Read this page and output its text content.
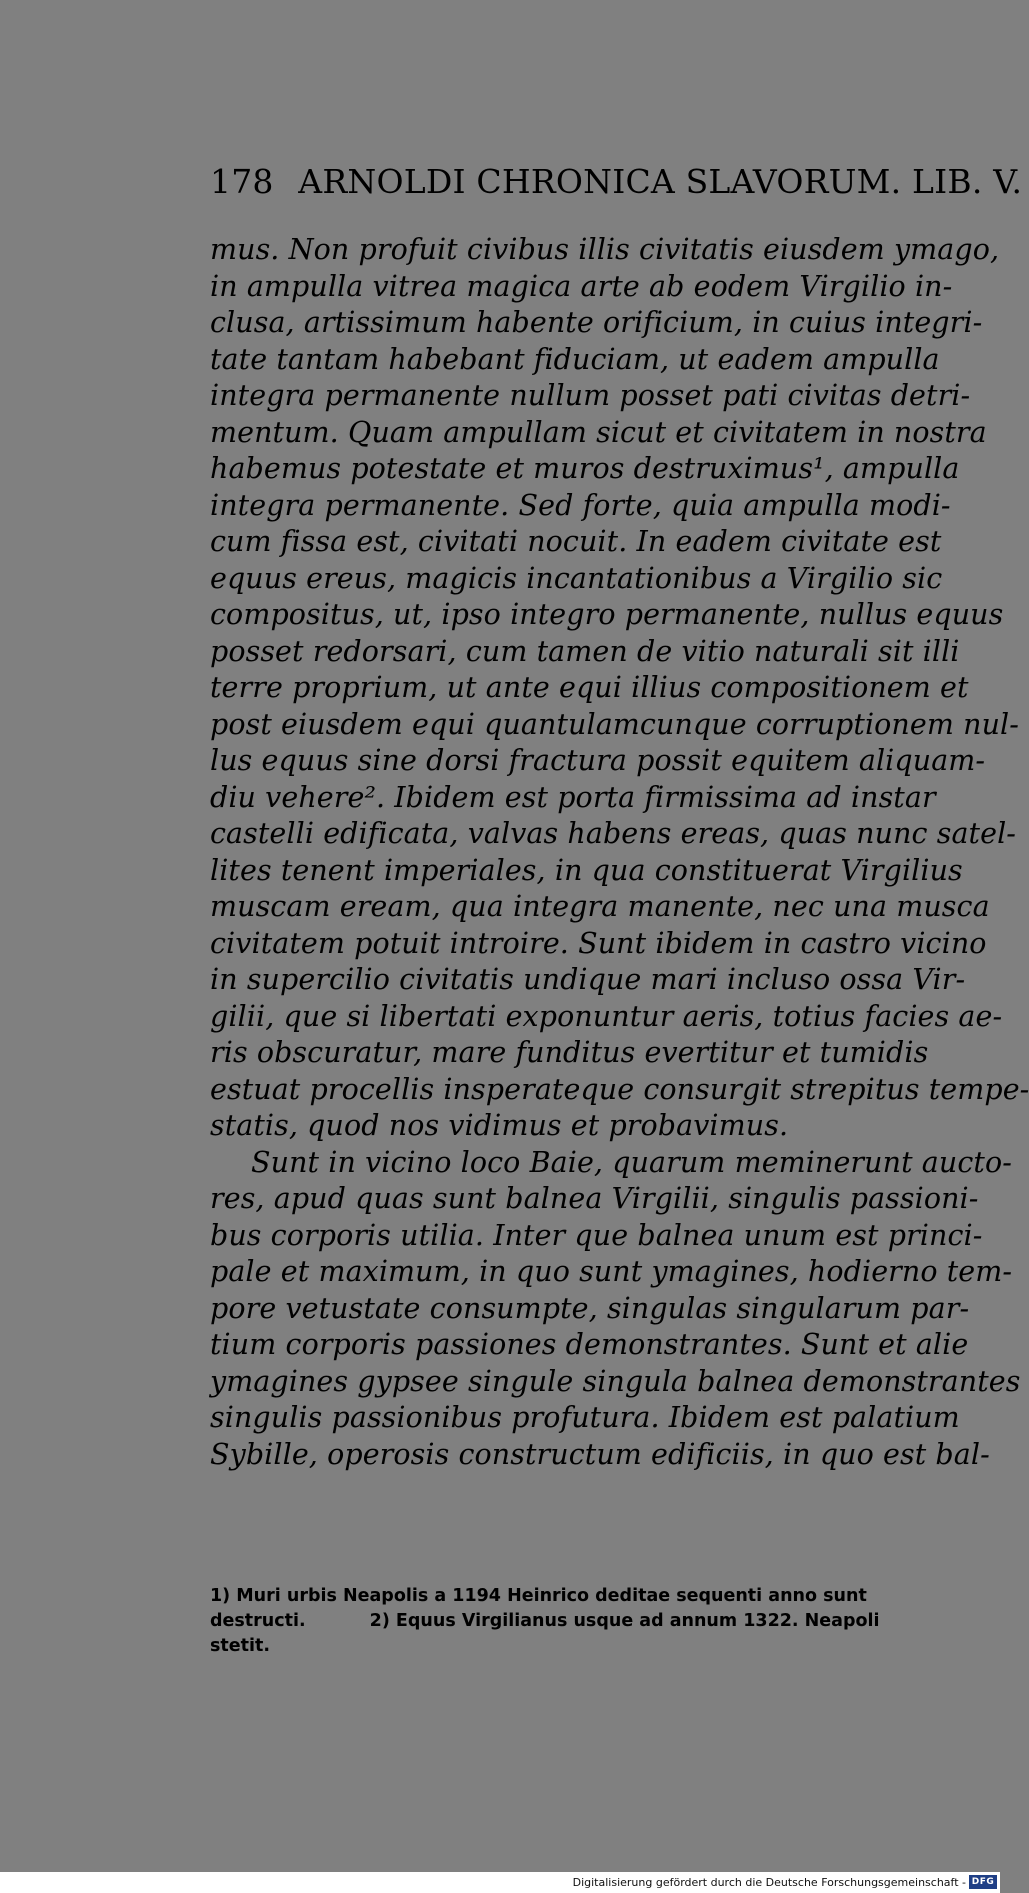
178 ARNOLDI CHRONICA SLAVORUM. LIB. V.
mus. Non profuit civibus illis civitatis eiusdem ymago,
in ampulla vitrea magica arte ab eodem Virgilio in-
clusa, artissimum habente orificium, in cuius integri-
tate tantam habebant fiduciam, ut eadem ampulla
integra permanente nullum posset pati civitas detri-
mentum. Quam ampullam sicut et civitatem in nostra
habemus potestate et muros destruximus¹, ampulla
integra permanente. Sed forte, quia ampulla modi-
cum fissa est, civitati nocuit. In eadem civitate est
equus ereus, magicis incantationibus a Virgilio sic
compositus, ut, ipso integro permanente, nullus equus
posset redorsari, cum tamen de vitio naturali sit illi
terre proprium, ut ante equi illius compositionem et
post eiusdem equi quantulamcunque corruptionem nul-
lus equus sine dorsi fractura possit equitem aliquam-
diu vehere². Ibidem est porta firmissima ad instar
castelli edificata, valvas habens ereas, quas nunc satel-
lites tenent imperiales, in qua constituerat Virgilius
muscam eream, qua integra manente, nec una musca
civitatem potuit introire. Sunt ibidem in castro vicino
in supercilio civitatis undique mari incluso ossa Vir-
gilii, que si libertati exponuntur aeris, totius facies ae-
ris obscuratur, mare funditus evertitur et tumidis
estuat procellis insperateque consurgit strepitus tempe-
statis, quod nos vidimus et probavimus.
Sunt in vicino loco Baie, quarum meminerunt aucto-
res, apud quas sunt balnea Virgilii, singulis passioni-
bus corporis utilia. Inter que balnea unum est princi-
pale et maximum, in quo sunt ymagines, hodierno tem-
pore vetustate consumpte, singulas singularum par-
tium corporis passiones demonstrantes. Sunt et alie
ymagines gypsee singule singula balnea demonstrantes
singulis passionibus profutura. Ibidem est palatium
Sybille, operosis constructum edificiis, in quo est bal-
1) Muri urbis Neapolis a 1194 Heinrico deditae sequenti anno sunt
destructi.	2) Equus Virgilianus usque ad annum 1322. Neapoli
stetit.
Digitalisierung gefördert durch die Deutsche Forschungsgemeinschaft - DFG
